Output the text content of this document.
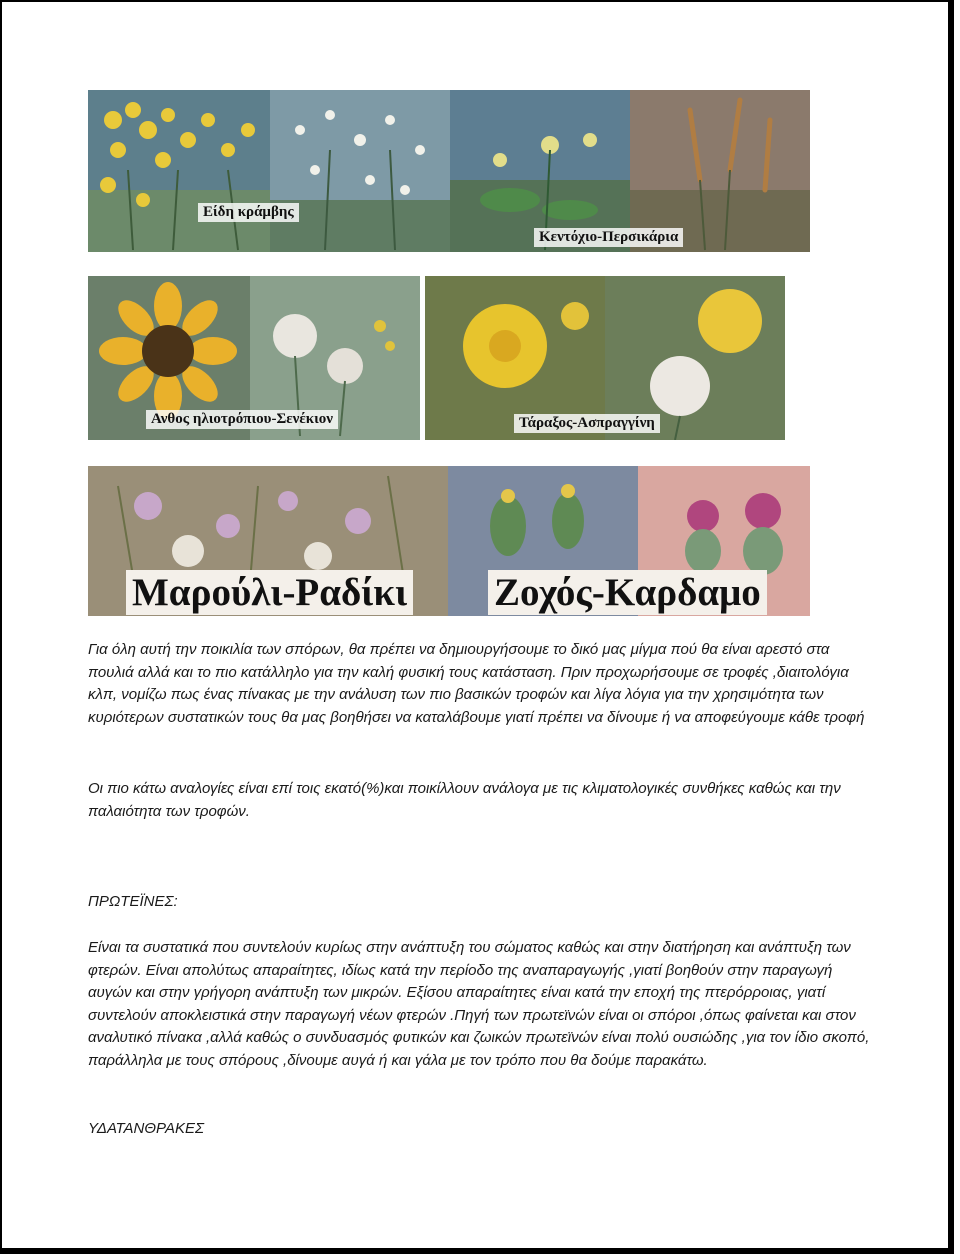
Είδη κράμβης
Κεντόχιο-Περσικάρια
Ανθος ηλιοτρόπιου-Σενέκιον	Τάραξος-Ασπραγγίνη
Μαρούλι-Ραδίκι Ζοχός-Καρδαμο

Για όλη αυτή την ποικιλία των σπόρων, θα πρέπει να δημιουργήσουμε το δικό μας μίγμα πού θα είναι αρεστό στα πουλιά αλλά και το πιο κατάλληλο για την καλή φυσική τους κατάσταση. Πριν προχωρήσουμε σε τροφές ,διαιτολόγια κλπ, νομίζω πως ένας πίνακας με την ανάλυση των πιο βασικών τροφών και λίγα λόγια για την χρησιμότητα των κυριότερων συστατικών τους θα μας βοηθήσει να καταλάβουμε γιατί πρέπει να δίνουμε ή να αποφεύγουμε κάθε τροφή

Οι πιο κάτω αναλογίες είναι επί τοις εκατό(%)και ποικίλλουν ανάλογα με τις κλιματολογικές συνθήκες καθώς και την παλαιότητα των τροφών.

ΠΡΩΤΕΪΝΕΣ:

Είναι τα συστατικά που συντελούν κυρίως στην ανάπτυξη του σώματος καθώς και στην διατήρηση και ανάπτυξη των φτερών. Είναι απολύτως απαραίτητες, ιδίως κατά την περίοδο της αναπαραγωγής ,γιατί βοηθούν στην παραγωγή αυγών και στην γρήγορη ανάπτυξη των μικρών. Εξίσου απαραίτητες είναι κατά την εποχή της πτερόρροιας, γιατί συντελούν αποκλειστικά στην παραγωγή νέων φτερών .Πηγή των πρωτεϊνών είναι οι σπόροι ,όπως φαίνεται και στον αναλυτικό πίνακα ,αλλά καθώς ο συνδυασμός φυτικών και ζωικών πρωτεϊνών είναι πολύ ουσιώδης ,για τον ίδιο σκοπό, παράλληλα με τους σπόρους ,δίνουμε αυγά ή και γάλα με τον τρόπο που θα δούμε παρακάτω.

ΥΔΑΤΑΝΘΡΑΚΕΣ
